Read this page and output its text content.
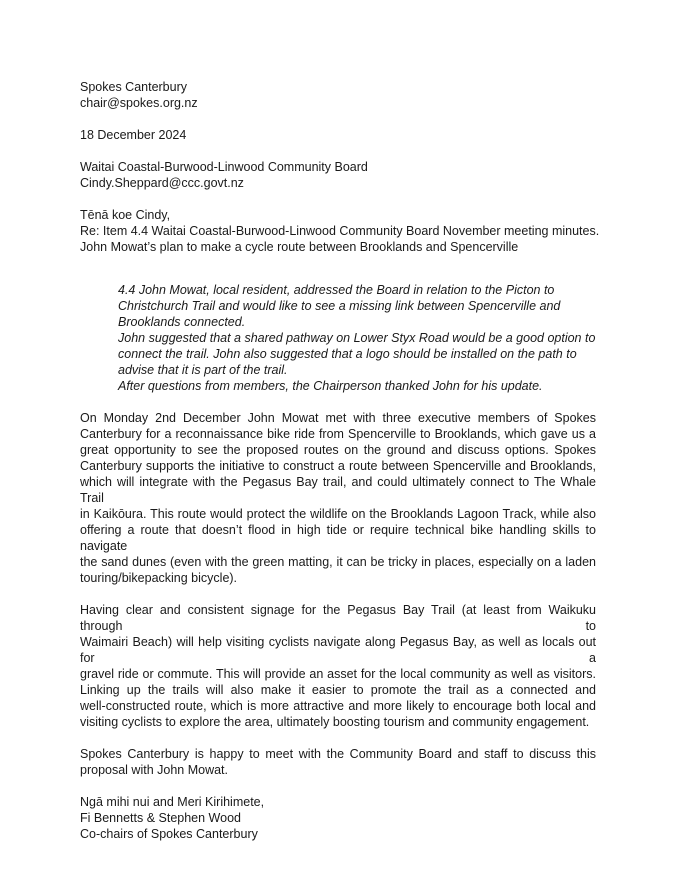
Spokes Canterbury
chair@spokes.org.nz
18 December 2024
Waitai Coastal-Burwood-Linwood Community Board
Cindy.Sheppard@ccc.govt.nz
Tēnā koe Cindy,
Re: Item 4.4 Waitai Coastal-Burwood-Linwood Community Board November meeting minutes.
John Mowat’s plan to make a cycle route between Brooklands and Spencerville
4.4 John Mowat, local resident, addressed the Board in relation to the Picton to
Christchurch Trail and would like to see a missing link between Spencerville and
Brooklands connected.
John suggested that a shared pathway on Lower Styx Road would be a good option to
connect the trail. John also suggested that a logo should be installed on the path to
advise that it is part of the trail.
After questions from members, the Chairperson thanked John for his update.
On Monday 2nd December John Mowat met with three executive members of Spokes
Canterbury for a reconnaissance bike ride from Spencerville to Brooklands, which gave us a
great opportunity to see the proposed routes on the ground and discuss options. Spokes
Canterbury supports the initiative to construct a route between Spencerville and Brooklands,
which will integrate with the Pegasus Bay trail, and could ultimately connect to The Whale Trail
in Kaikōura. This route would protect the wildlife on the Brooklands Lagoon Track, while also
offering a route that doesn’t flood in high tide or require technical bike handling skills to navigate
the sand dunes (even with the green matting, it can be tricky in places, especially on a laden
touring/bikepacking bicycle).
Having clear and consistent signage for the Pegasus Bay Trail (at least from Waikuku through to
Waimairi Beach) will help visiting cyclists navigate along Pegasus Bay, as well as locals out for a
gravel ride or commute. This will provide an asset for the local community as well as visitors.
Linking up the trails will also make it easier to promote the trail as a connected and
well-constructed route, which is more attractive and more likely to encourage both local and
visiting cyclists to explore the area, ultimately boosting tourism and community engagement.
Spokes Canterbury is happy to meet with the Community Board and staff to discuss this
proposal with John Mowat.
Ngā mihi nui and Meri Kirihimete,
Fi Bennetts & Stephen Wood
Co-chairs of Spokes Canterbury
